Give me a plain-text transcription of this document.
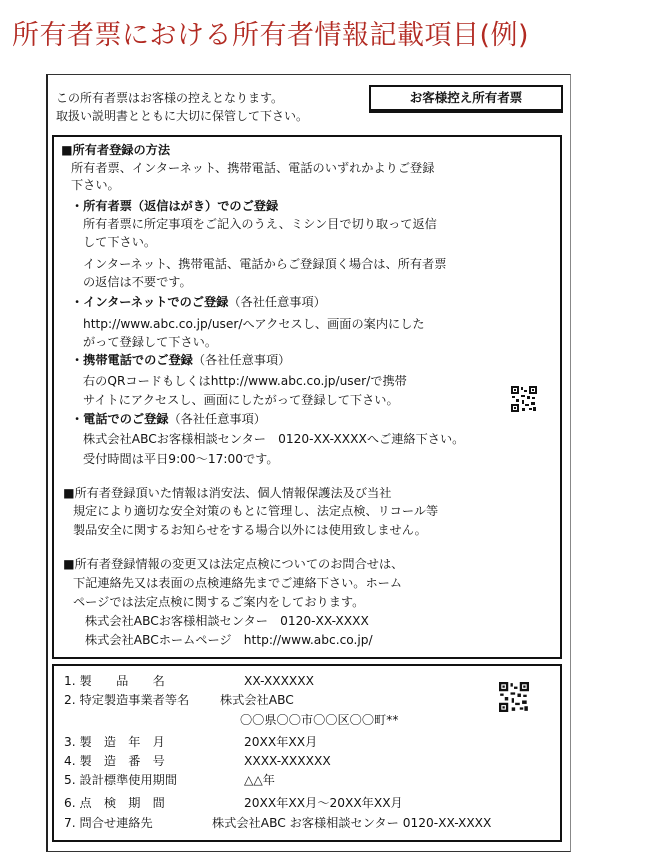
所有者票における所有者情報記載項目(例)
この所有者票はお客様の控えとなります。
取扱い説明書とともに大切に保管して下さい。
お客様控え所有者票
■所有者登録の方法
所有者票、インターネット、携帯電話、電話のいずれかよりご登録
下さい。
・所有者票（返信はがき）でのご登録
所有者票に所定事項をご記入のうえ、ミシン目で切り取って返信
して下さい。
インターネット、携帯電話、電話からご登録頂く場合は、所有者票
の返信は不要です。
・インターネットでのご登録（各社任意事項）
http://www.abc.co.jp/user/へアクセスし、画面の案内にした
がって登録して下さい。
・携帯電話でのご登録（各社任意事項）
右のQRコードもしくはhttp://www.abc.co.jp/user/で携帯
サイトにアクセスし、画面にしたがって登録して下さい。
・電話でのご登録（各社任意事項）
株式会社ABCお客様相談センター　0120-XX-XXXXへご連絡下さい。
受付時間は平日9:00～17:00です。
■所有者登録頂いた情報は消安法、個人情報保護法及び当社
規定により適切な安全対策のもとに管理し、法定点検、リコール等
製品安全に関するお知らせをする場合以外には使用致しません。
■所有者登録情報の変更又は法定点検についてのお問合せは、
下記連絡先又は表面の点検連絡先までご連絡下さい。ホーム
ページでは法定点検に関するご案内をしております。
株式会社ABCお客様相談センター　0120-XX-XXXX
株式会社ABCホームページ　http://www.abc.co.jp/
1. 製　　品　　名	XX-XXXXXX
2. 特定製造事業者等名	株式会社ABC
〇〇県〇〇市〇〇区〇〇町**
3. 製　造　年　月	20XX年XX月
4. 製　造　番　号	XXXX-XXXXXX
5. 設計標準使用期間	△△年
6. 点　検　期　間	20XX年XX月～20XX年XX月
7. 問合せ連絡先	株式会社ABC お客様相談センター 0120-XX-XXXX
